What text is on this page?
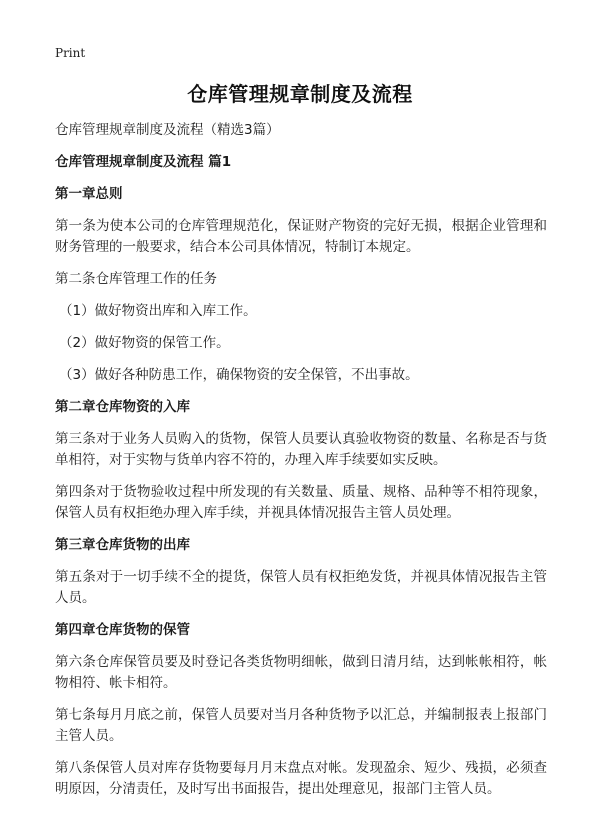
Print
仓库管理规章制度及流程
仓库管理规章制度及流程（精选3篇）
仓库管理规章制度及流程 篇1
第一章总则
第一条为使本公司的仓库管理规范化，保证财产物资的完好无损，根据企业管理和财务管理的一般要求，结合本公司具体情况，特制订本规定。
第二条仓库管理工作的任务
（1）做好物资出库和入库工作。
（2）做好物资的保管工作。
（3）做好各种防患工作，确保物资的安全保管，不出事故。
第二章仓库物资的入库
第三条对于业务人员购入的货物，保管人员要认真验收物资的数量、名称是否与货单相符，对于实物与货单内容不符的，办理入库手续要如实反映。
第四条对于货物验收过程中所发现的有关数量、质量、规格、品种等不相符现象，保管人员有权拒绝办理入库手续，并视具体情况报告主管人员处理。
第三章仓库货物的出库
第五条对于一切手续不全的提货，保管人员有权拒绝发货，并视具体情况报告主管人员。
第四章仓库货物的保管
第六条仓库保管员要及时登记各类货物明细帐，做到日清月结，达到帐帐相符，帐物相符、帐卡相符。
第七条每月月底之前，保管人员要对当月各种货物予以汇总，并编制报表上报部门主管人员。
第八条保管人员对库存货物要每月月末盘点对帐。发现盈余、短少、残损，必须查明原因，分清责任，及时写出书面报告，提出处理意见，报部门主管人员。
